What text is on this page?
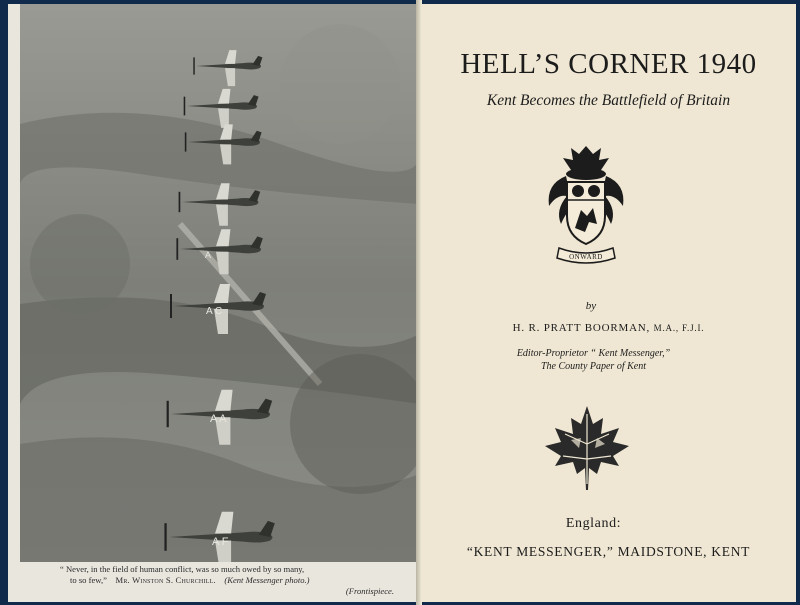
A
A C
A A
A F
“ Never, in the field of human conflict, was so much owed by so many,
to so few,” Mr. Winston S. Churchill. (Kent Messenger photo.)
(Frontispiece.
HELL’S CORNER 1940
Kent Becomes the Battlefield of Britain
ONWARD
by
H. R. PRATT BOORMAN, M.A., F.J.I.
Editor-Proprietor “ Kent Messenger,”
The County Paper of Kent
England:
“KENT MESSENGER,” MAIDSTONE, KENT
